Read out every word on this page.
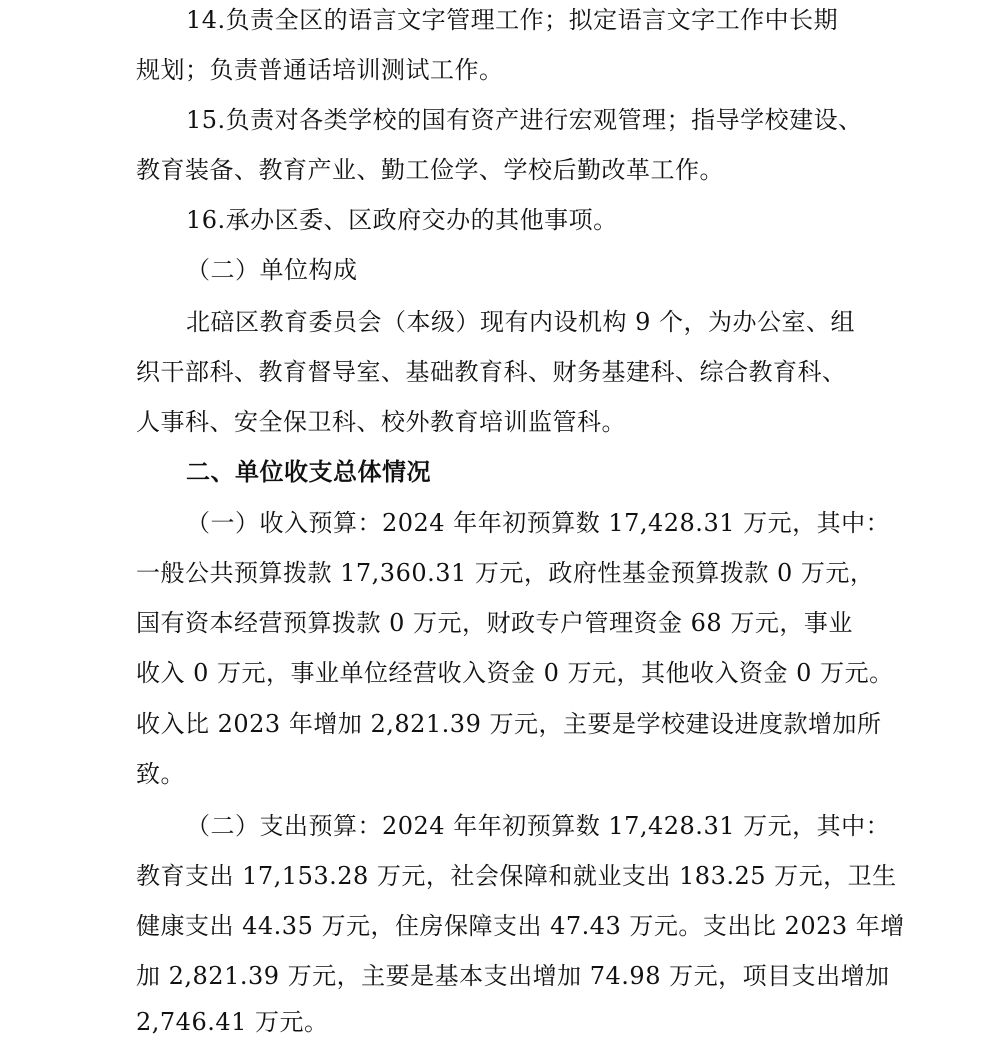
14.负责全区的语言文字管理工作；拟定语言文字工作中长期
规划；负责普通话培训测试工作。
15.负责对各类学校的国有资产进行宏观管理；指导学校建设、
教育装备、教育产业、勤工俭学、学校后勤改革工作。
16.承办区委、区政府交办的其他事项。
（二）单位构成
北碚区教育委员会（本级）现有内设机构 9 个，为办公室、组
织干部科、教育督导室、基础教育科、财务基建科、综合教育科、
人事科、安全保卫科、校外教育培训监管科。
二、单位收支总体情况
（一）收入预算：2024 年年初预算数 17,428.31 万元，其中：
一般公共预算拨款 17,360.31 万元，政府性基金预算拨款 0 万元，
国有资本经营预算拨款 0 万元，财政专户管理资金 68 万元，事业
收入 0 万元，事业单位经营收入资金 0 万元，其他收入资金 0 万元。
收入比 2023 年增加 2,821.39 万元，主要是学校建设进度款增加所
致。
（二）支出预算：2024 年年初预算数 17,428.31 万元，其中：
教育支出 17,153.28 万元，社会保障和就业支出 183.25 万元，卫生
健康支出 44.35 万元，住房保障支出 47.43 万元。支出比 2023 年增
加 2,821.39 万元，主要是基本支出增加 74.98 万元，项目支出增加
2,746.41 万元。
